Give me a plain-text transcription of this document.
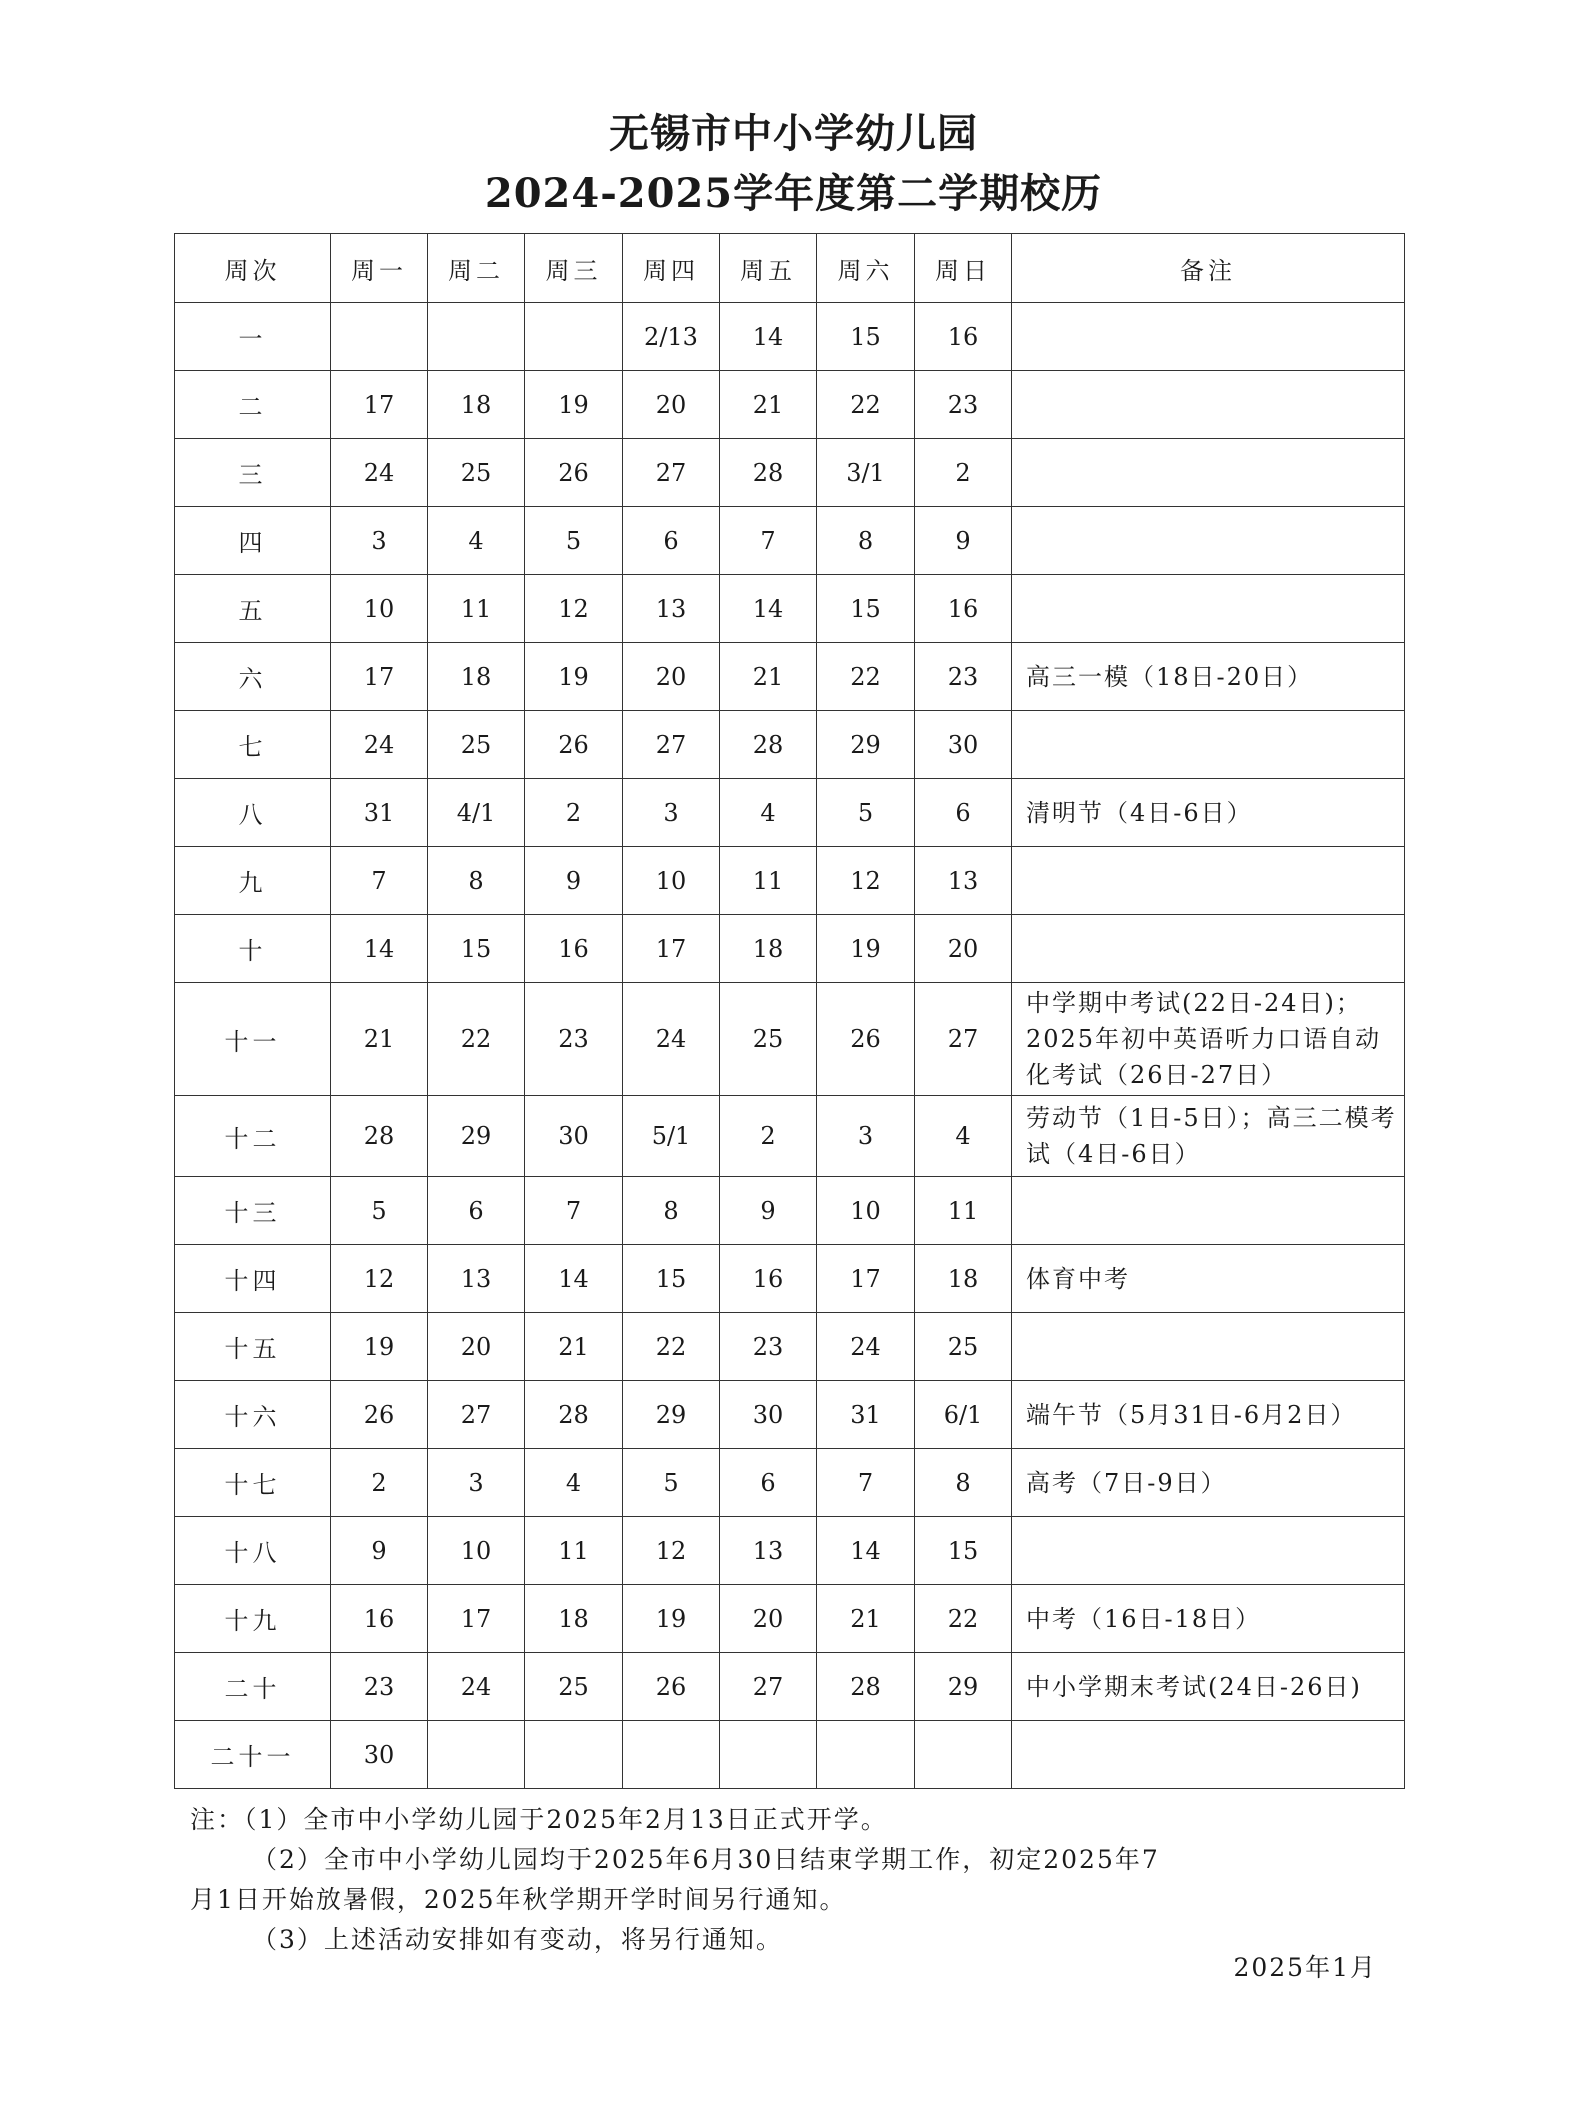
无锡市中小学幼儿园
2024-2025学年度第二学期校历
周次	周一	周二	周三	周四	周五	周六	周日	备注
一				2/13	14	15	16	
二	17	18	19	20	21	22	23	
三	24	25	26	27	28	3/1	2	
四	3	4	5	6	7	8	9	
五	10	11	12	13	14	15	16	
六	17	18	19	20	21	22	23	高三一模（18日-20日）
七	24	25	26	27	28	29	30	
八	31	4/1	2	3	4	5	6	清明节（4日-6日）
九	7	8	9	10	11	12	13	
十	14	15	16	17	18	19	20	
十一	21	22	23	24	25	26	27	中学期中考试(22日-24日)；2025年初中英语听力口语自动化考试（26日-27日）
十二	28	29	30	5/1	2	3	4	劳动节（1日-5日）；高三二模考试（4日-6日）
十三	5	6	7	8	9	10	11	
十四	12	13	14	15	16	17	18	体育中考
十五	19	20	21	22	23	24	25	
十六	26	27	28	29	30	31	6/1	端午节（5月31日-6月2日）
十七	2	3	4	5	6	7	8	高考（7日-9日）
十八	9	10	11	12	13	14	15	
十九	16	17	18	19	20	21	22	中考（16日-18日）
二十	23	24	25	26	27	28	29	中小学期末考试(24日-26日)
二十一	30							

注：（1）全市中小学幼儿园于2025年2月13日正式开学。

（2）全市中小学幼儿园均于2025年6月30日结束学期工作，初定2025年7

月1日开始放暑假，2025年秋学期开学时间另行通知。

（3）上述活动安排如有变动，将另行通知。

2025年1月
